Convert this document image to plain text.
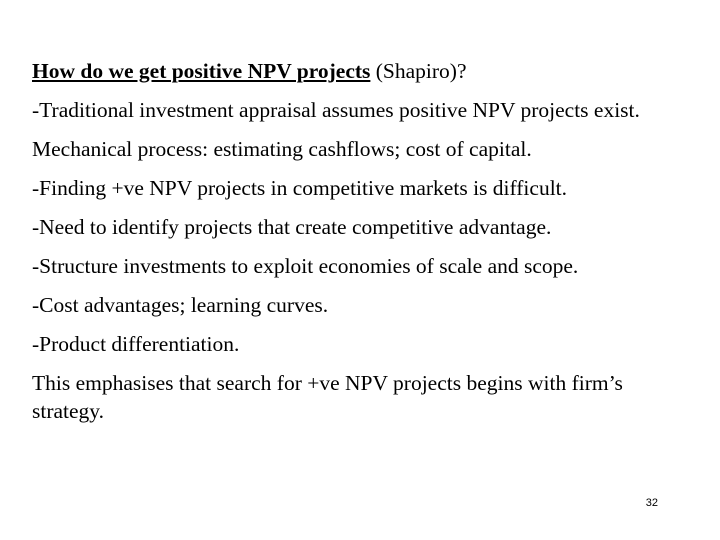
How do we get positive NPV projects (Shapiro)?

-Traditional investment appraisal assumes positive NPV projects exist.

Mechanical process: estimating cashflows; cost of capital.

-Finding +ve NPV projects in competitive markets is difficult.

-Need to identify projects that create competitive advantage.

-Structure investments to exploit economies of scale and scope.

-Cost advantages; learning curves.

-Product differentiation.

This emphasises that search for +ve NPV projects begins with firm’s strategy.

32
